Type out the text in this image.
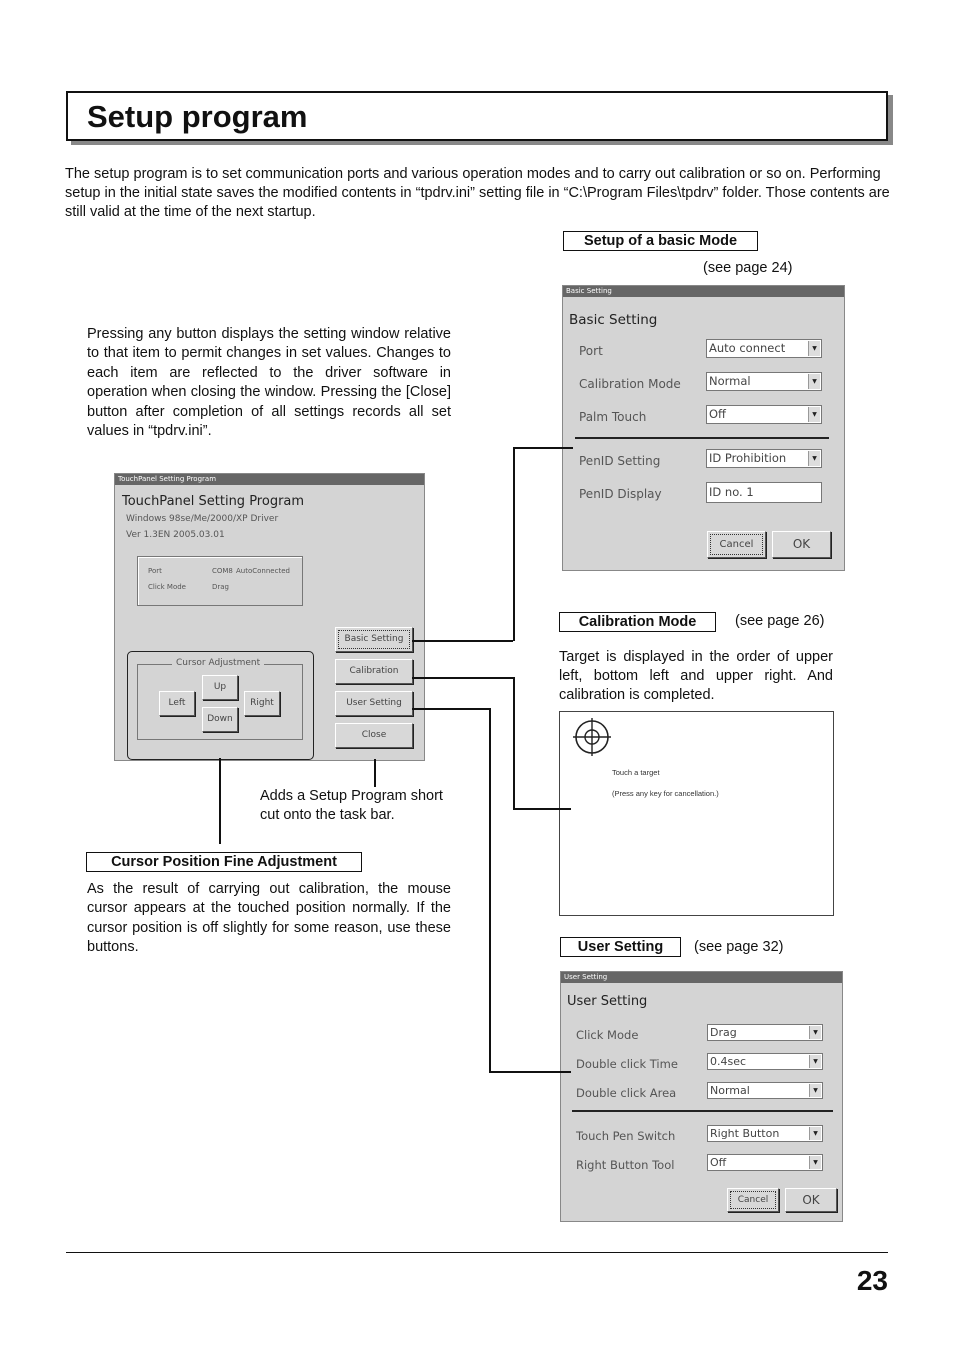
Setup program
The setup program is to set communication ports and various operation modes and to carry out calibration or so on. Performing setup in the initial state saves the modified contents in “tpdrv.ini” setting file in “C:\Program Files\tpdrv” folder. Those contents are still valid at the time of the next startup.
Pressing any button displays the setting window relative to that item to permit changes in set values. Changes to each item are reflected to the driver software in operation when closing the window. Pressing the [Close] button after completion of all settings records all set values in “tpdrv.ini”.
TouchPanel Setting Program
TouchPanel Setting Program
Windows 98se/Me/2000/XP Driver
Ver 1.3EN 2005.03.01
Port	COM8 AutoConnected
Click Mode	Drag
Cursor Adjustment
Up
Left	Right
Down
Basic Setting
Calibration
User Setting
Close
Adds a Setup Program short cut onto the task bar.
Cursor Position Fine Adjustment
As the result of carrying out calibration, the mouse cursor appears at the touched position normally. If the cursor position is off slightly for some reason, use these buttons.
Setup of a basic Mode
(see page 24)
Basic Setting
Basic Setting
Port	Auto connect	▼
Calibration Mode Normal	▼
Palm Touch	Off	▼
PenID Setting	ID Prohibition	▼
PenID Display	ID no. 1
Cancel	OK
Calibration Mode	(see page 26)
Target is displayed in the order of upper left, bottom left and upper right. And calibration is completed.
Touch a target
(Press any key for cancellation.)
User Setting	(see page 32)
User Setting
User Setting
Click Mode	Drag	▼
Double click Time	0.4sec	▼
Double click Area	Normal	▼
Touch Pen Switch	Right Button	▼
Right Button Tool	Off	▼
Cancel	OK
23
